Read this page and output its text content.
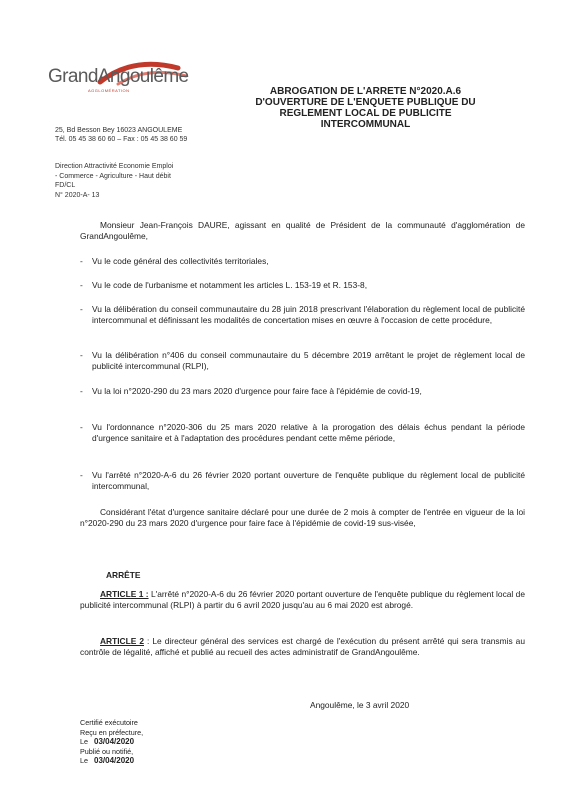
GrandAngoulême
AGGLOMÉRATION	ABROGATION DE L'ARRETE N°2020.A.6
D'OUVERTURE DE L'ENQUETE PUBLIQUE DU
REGLEMENT LOCAL DE PUBLICITE
INTERCOMMUNAL
25, Bd Besson Bey 16023 ANGOULEME
Tél. 05 45 38 60 60 – Fax : 05 45 38 60 59
Direction Attractivité Economie Emploi
- Commerce - Agriculture - Haut débit
FD/CL
N° 2020-A- 13
Monsieur Jean-François DAURE, agissant en qualité de Président de la communauté d'agglomération de GrandAngoulême,
-	Vu le code général des collectivités territoriales,
-	Vu le code de l'urbanisme et notamment les articles L. 153-19 et R. 153-8,
-	Vu la délibération du conseil communautaire du 28 juin 2018 prescrivant l'élaboration du règlement local de publicité intercommunal et définissant les modalités de concertation mises en œuvre à l'occasion de cette procédure,
-	Vu la délibération n°406 du conseil communautaire du 5 décembre 2019 arrêtant le projet de règlement local de publicité intercommunal (RLPI),
-	Vu la loi n°2020-290 du 23 mars 2020 d'urgence pour faire face à l'épidémie de covid-19,
-	Vu l'ordonnance n°2020-306 du 25 mars 2020 relative à la prorogation des délais échus pendant la période d'urgence sanitaire et à l'adaptation des procédures pendant cette même période,
-	Vu l'arrêté n°2020-A-6 du 26 février 2020 portant ouverture de l'enquête publique du règlement local de publicité intercommunal,
Considérant l'état d'urgence sanitaire déclaré pour une durée de 2 mois à compter de l'entrée en vigueur de la loi n°2020-290 du 23 mars 2020 d'urgence pour faire face à l'épidémie de covid-19 sus-visée,
ARRÊTE
ARTICLE 1 : L'arrêté n°2020-A-6 du 26 février 2020 portant ouverture de l'enquête publique du règlement local de publicité intercommunal (RLPI) à partir du 6 avril 2020 jusqu'au au 6 mai 2020 est abrogé.
ARTICLE 2 : Le directeur général des services est chargé de l'exécution du présent arrêté qui sera transmis au contrôle de légalité, affiché et publié au recueil des actes administratif de GrandAngoulême.
Angoulême, le 3 avril 2020
Certifié exécutoire
Reçu en préfecture,
Le 03/04/2020
Publié ou notifié,
Le 03/04/2020
